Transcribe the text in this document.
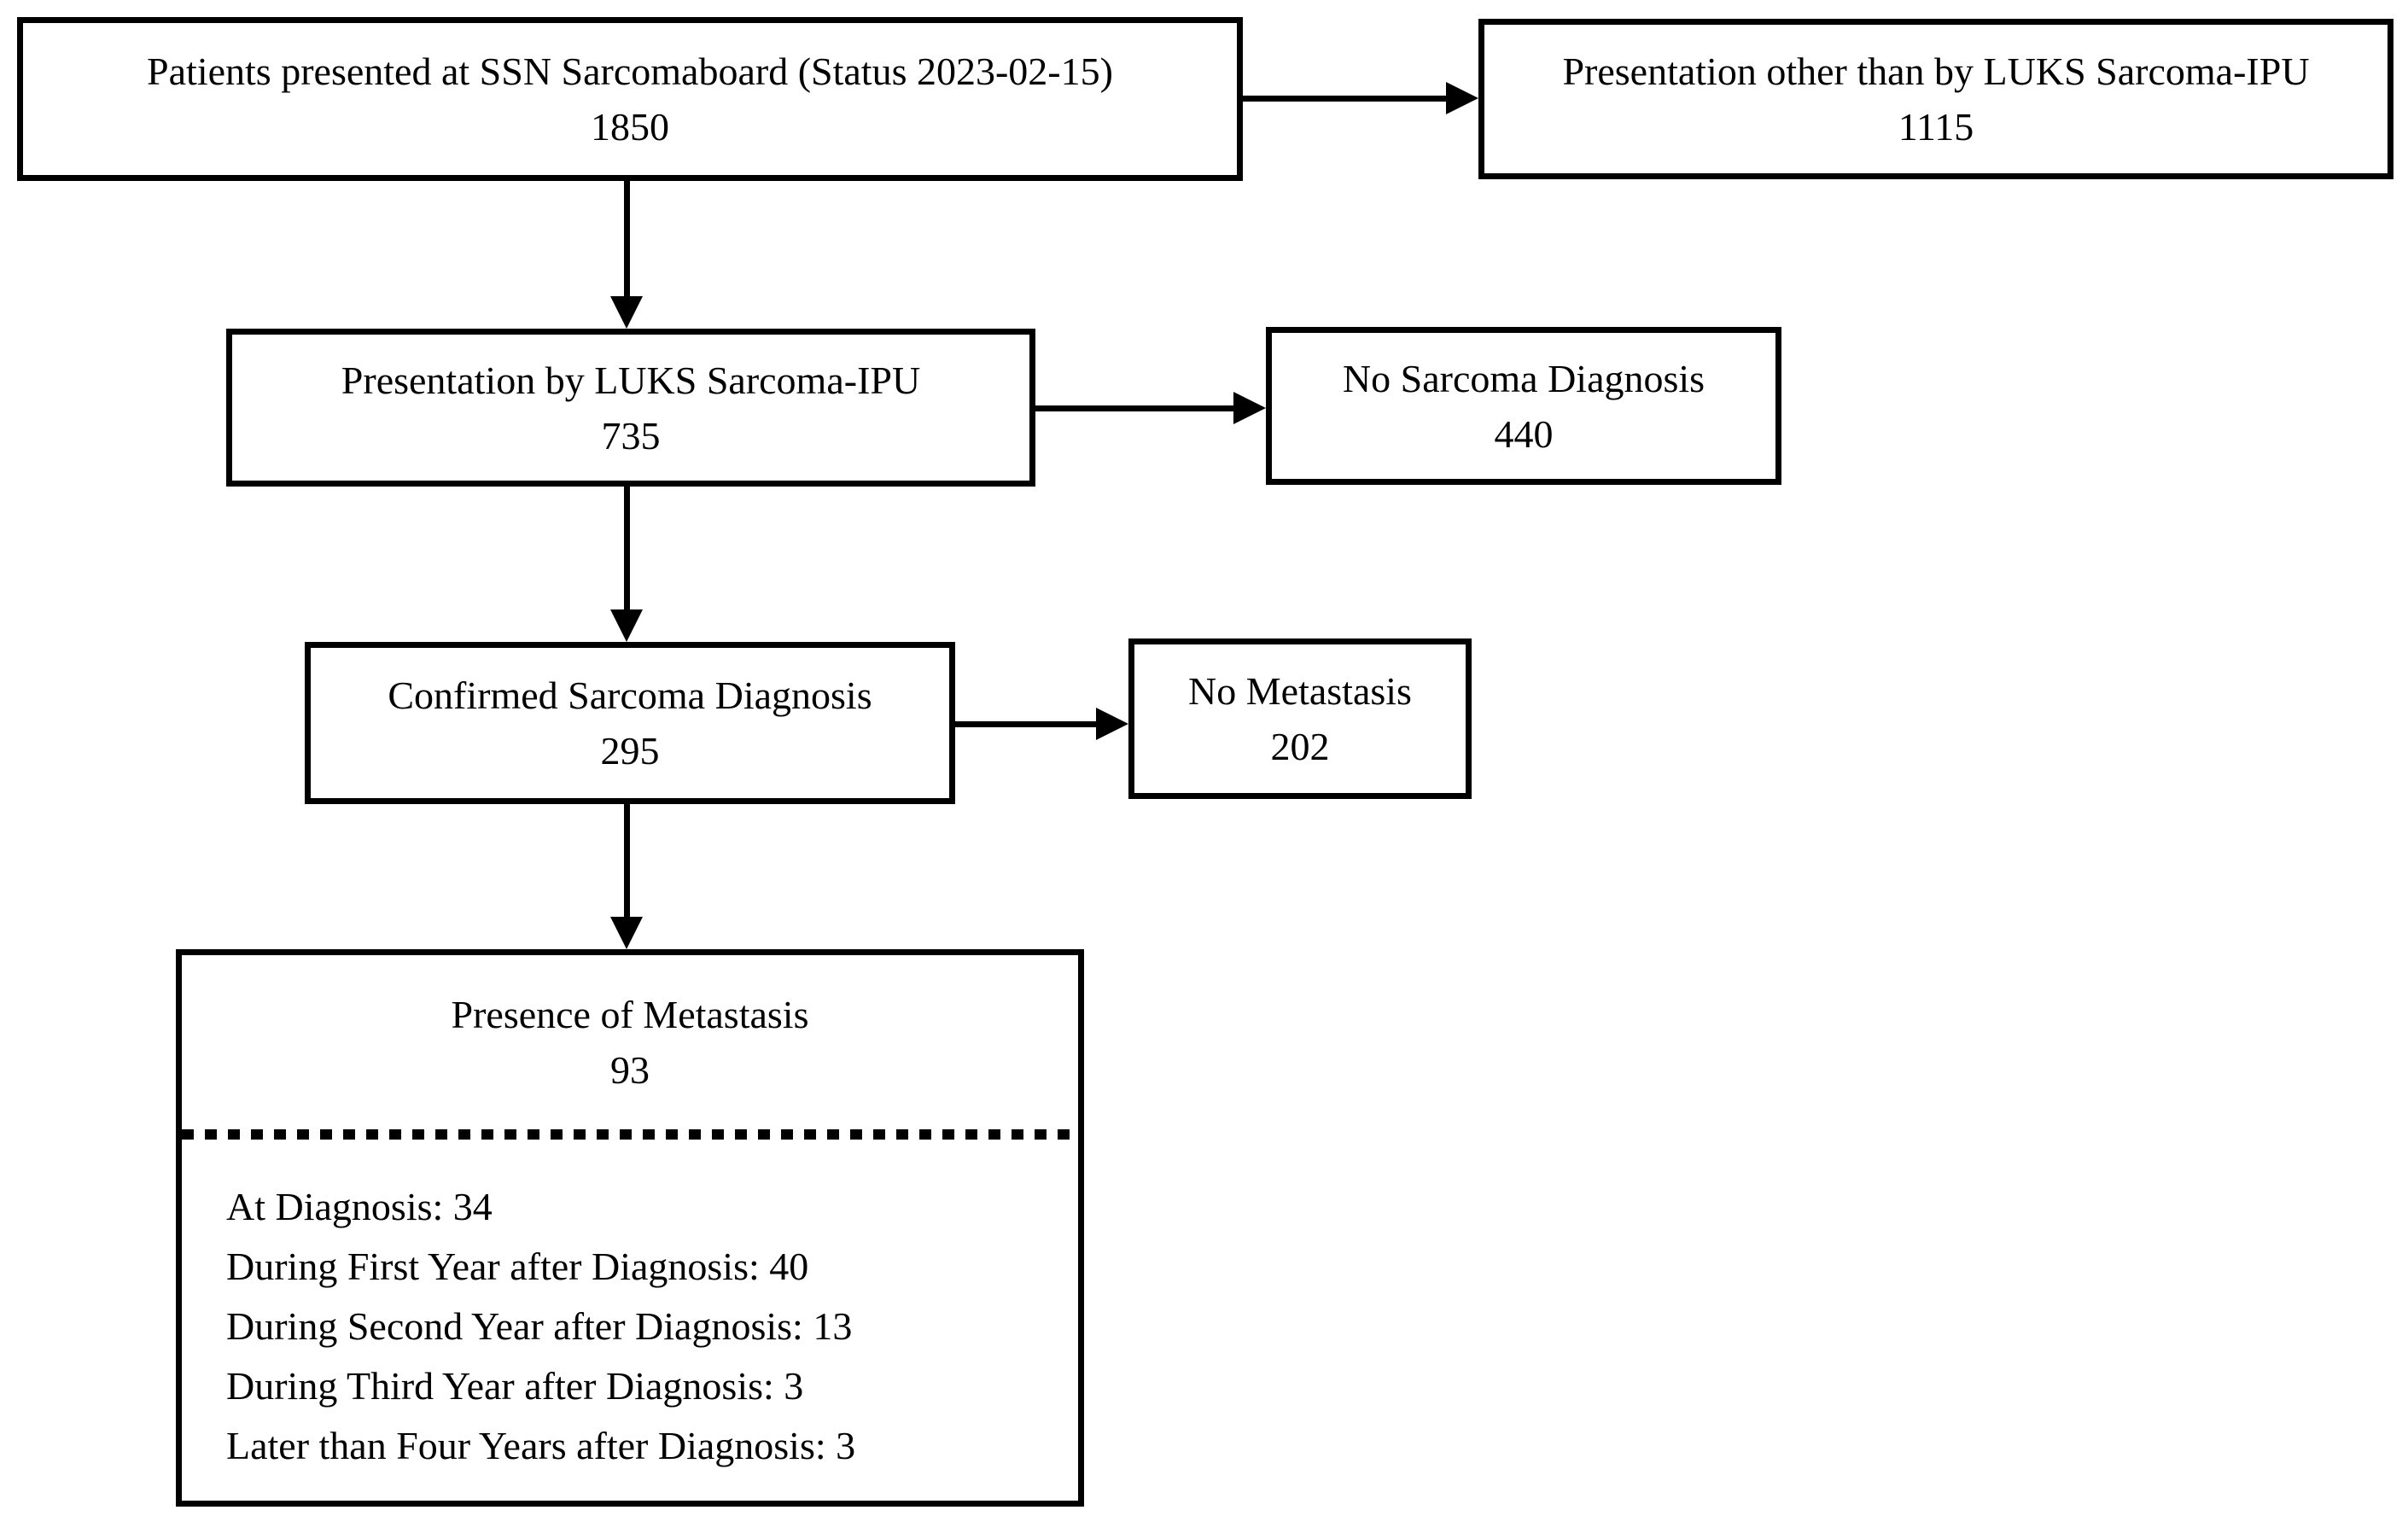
Patients presented at SSN Sarcomaboard (Status 2023-02-15)
1850
Presentation other than by LUKS Sarcoma-IPU
1115
Presentation by LUKS Sarcoma-IPU
735
No Sarcoma Diagnosis
440
Confirmed Sarcoma Diagnosis
295
No Metastasis
202
Presence of Metastasis
93
At Diagnosis: 34
During First Year after Diagnosis: 40
During Second Year after Diagnosis: 13
During Third Year after Diagnosis: 3
Later than Four Years after Diagnosis: 3
